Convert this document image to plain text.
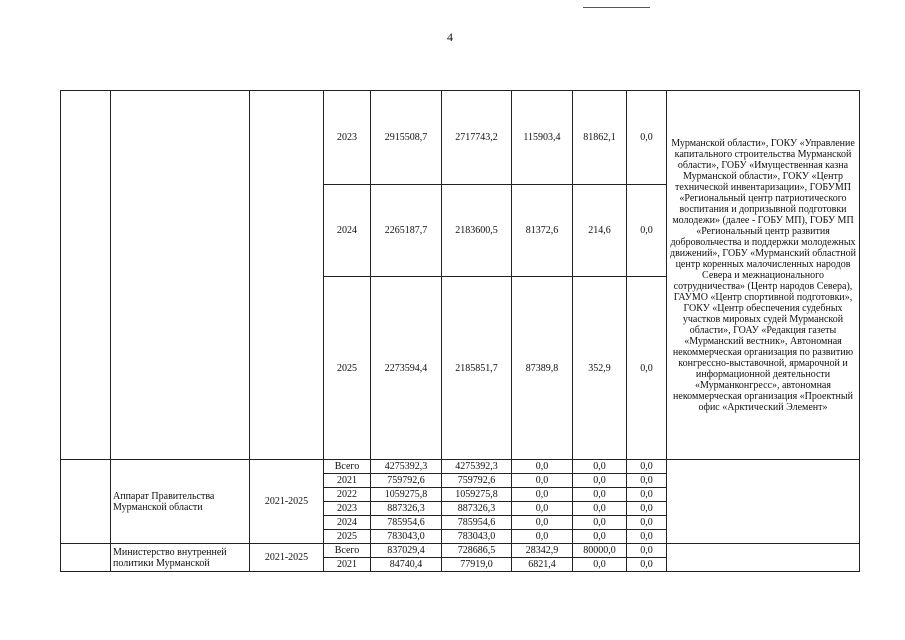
4
			2023	2915508,7	2717743,2	115903,4	81862,1	0,0	Мурманской области», ГОКУ «Управление капитального строительства Мурманской области», ГОБУ «Имущественная казна Мурманской области», ГОКУ «Центр технической инвентаризации», ГОБУМП «Региональный центр патриотического воспитания и допризывной подготовки молодежи» (далее - ГОБУ МП), ГОБУ МП «Региональный центр развития добровольчества и поддержки молодежных движений», ГОБУ «Мурманский областной центр коренных малочисленных народов Севера и межнационального сотрудничества» (Центр народов Севера), ГАУМО «Центр спортивной подготовки», ГОКУ «Центр обеспечения судебных участков мировых судей Мурманской области», ГОАУ «Редакция газеты «Мурманский вестник», Автономная некоммерческая организация по развитию конгрессно-выставочной, ярмарочной и информационной деятельности «Мурманконгресс», автономная некоммерческая организация «Проектный офис «Арктический Элемент»
			2024	2265187,7	2183600,5	81372,6	214,6	0,0	
			2025	2273594,4	2185851,7	87389,8	352,9	0,0	
	Аппарат Правительства Мурманской области	2021-2025	Всего	4275392,3	4275392,3	0,0	0,0	0,0	
			2021	759792,6	759792,6	0,0	0,0	0,0	
			2022	1059275,8	1059275,8	0,0	0,0	0,0	
			2023	887326,3	887326,3	0,0	0,0	0,0	
			2024	785954,6	785954,6	0,0	0,0	0,0	
			2025	783043,0	783043,0	0,0	0,0	0,0	
	Министерство внутренней политики Мурманской	2021-2025	Всего	837029,4	728686,5	28342,9	80000,0	0,0	
			2021	84740,4	77919,0	6821,4	0,0	0,0	
